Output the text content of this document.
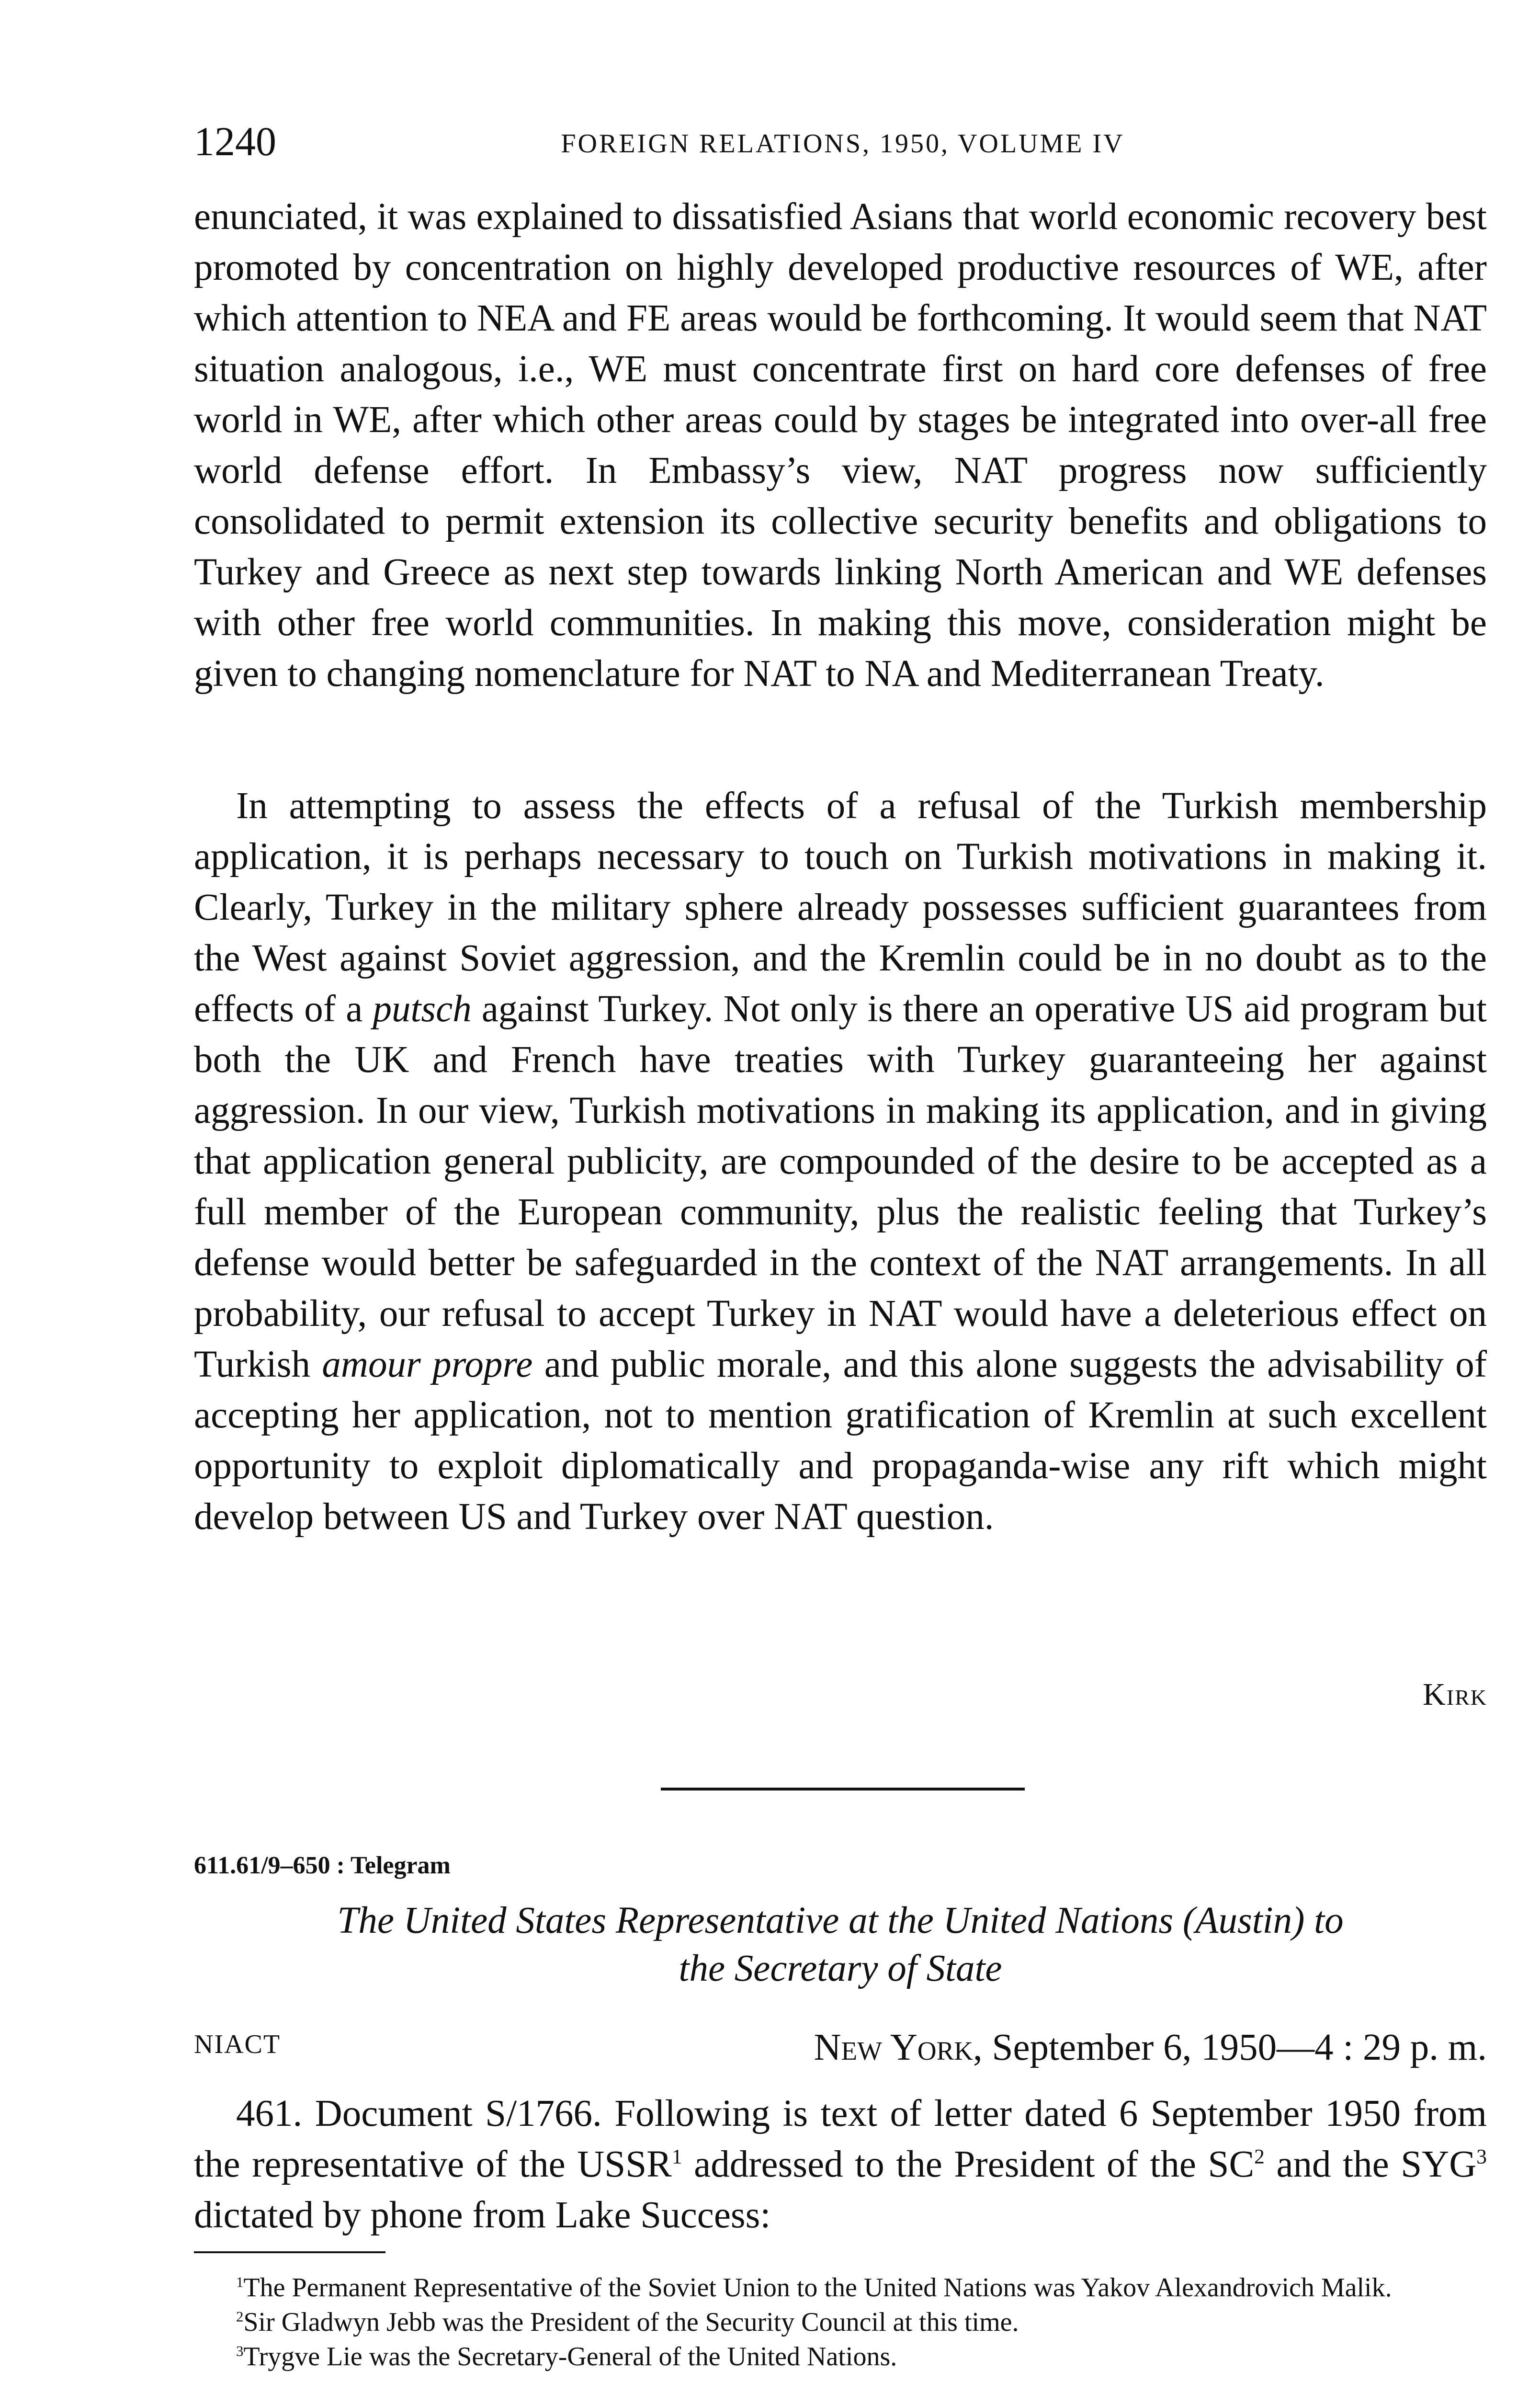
1240	FOREIGN RELATIONS, 1950, VOLUME IV

enunciated, it was explained to dissatisfied Asians that world economic recovery best promoted by concentration on highly developed productive resources of WE, after which attention to NEA and FE areas would be forthcoming. It would seem that NAT situation analogous, i.e., WE must concentrate first on hard core defenses of free world in WE, after which other areas could by stages be integrated into over-all free world defense effort. In Embassy’s view, NAT progress now sufficiently consolidated to permit extension its collective security benefits and obligations to Turkey and Greece as next step towards linking North American and WE defenses with other free world communities. In making this move, consideration might be given to changing nomenclature for NAT to NA and Mediterranean Treaty.

In attempting to assess the effects of a refusal of the Turkish membership application, it is perhaps necessary to touch on Turkish motivations in making it. Clearly, Turkey in the military sphere already possesses sufficient guarantees from the West against Soviet aggression, and the Kremlin could be in no doubt as to the effects of a putsch against Turkey. Not only is there an operative US aid program but both the UK and French have treaties with Turkey guaranteeing her against aggression. In our view, Turkish motivations in making its application, and in giving that application general publicity, are compounded of the desire to be accepted as a full member of the European community, plus the realistic feeling that Turkey’s defense would better be safeguarded in the context of the NAT arrangements. In all probability, our refusal to accept Turkey in NAT would have a deleterious effect on Turkish amour propre and public morale, and this alone suggests the advisability of accepting her application, not to mention gratification of Kremlin at such excellent opportunity to exploit diplomatically and propaganda-wise any rift which might develop between US and Turkey over NAT question.

Kirk
611.61/9–650 : Telegram
The United States Representative at the United Nations (Austin) to
the Secretary of State
NIACT	New York, September 6, 1950—4 : 29 p. m.

461. Document S/1766. Following is text of letter dated 6 September 1950 from the representative of the USSR$^1$ addressed to the President of the $SC^2$ and the SYG$^3$ dictated by phone from Lake Success:

$^1$The Permanent Representative of the Soviet Union to the United Nations was Yakov Alexandrovich Malik.

$^2$Sir Gladwyn Jebb was the President of the Security Council at this time.

$^3$Trygve Lie was the Secretary-General of the United Nations.
